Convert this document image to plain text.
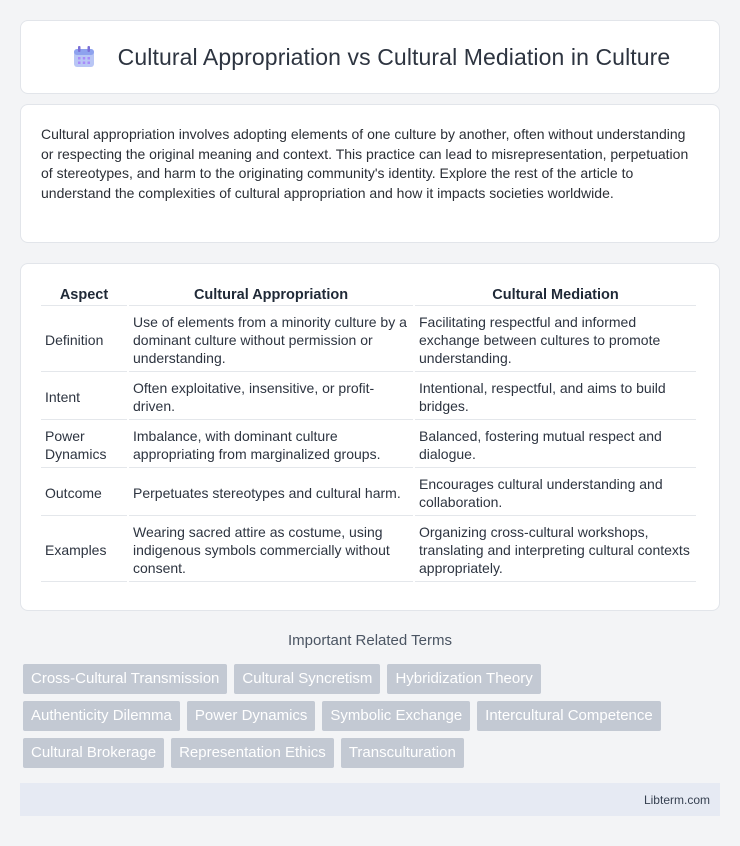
Cultural Appropriation vs Cultural Mediation in Culture

Cultural appropriation involves adopting elements of one culture by another, often without understanding or respecting the original meaning and context. This practice can lead to misrepresentation, perpetuation of stereotypes, and harm to the originating community's identity. Explore the rest of the article to understand the complexities of cultural appropriation and how it impacts societies worldwide.

Aspect	Cultural Appropriation	Cultural Mediation
Definition	Use of elements from a minority culture by a dominant culture without permission or understanding.	Facilitating respectful and informed exchange between cultures to promote understanding.
Intent	Often exploitative, insensitive, or profit-driven.	Intentional, respectful, and aims to build bridges.
Power Dynamics	Imbalance, with dominant culture appropriating from marginalized groups.	Balanced, fostering mutual respect and dialogue.
Outcome	Perpetuates stereotypes and cultural harm.	Encourages cultural understanding and collaboration.
Examples	Wearing sacred attire as costume, using indigenous symbols commercially without consent.	Organizing cross-cultural workshops, translating and interpreting cultural contexts appropriately.
Important Related Terms
Cross-Cultural Transmission	Cultural Syncretism	Hybridization Theory
Authenticity Dilemma	Power Dynamics	Symbolic Exchange	Intercultural Competence
Cultural Brokerage	Representation Ethics	Transculturation
Libterm.com
